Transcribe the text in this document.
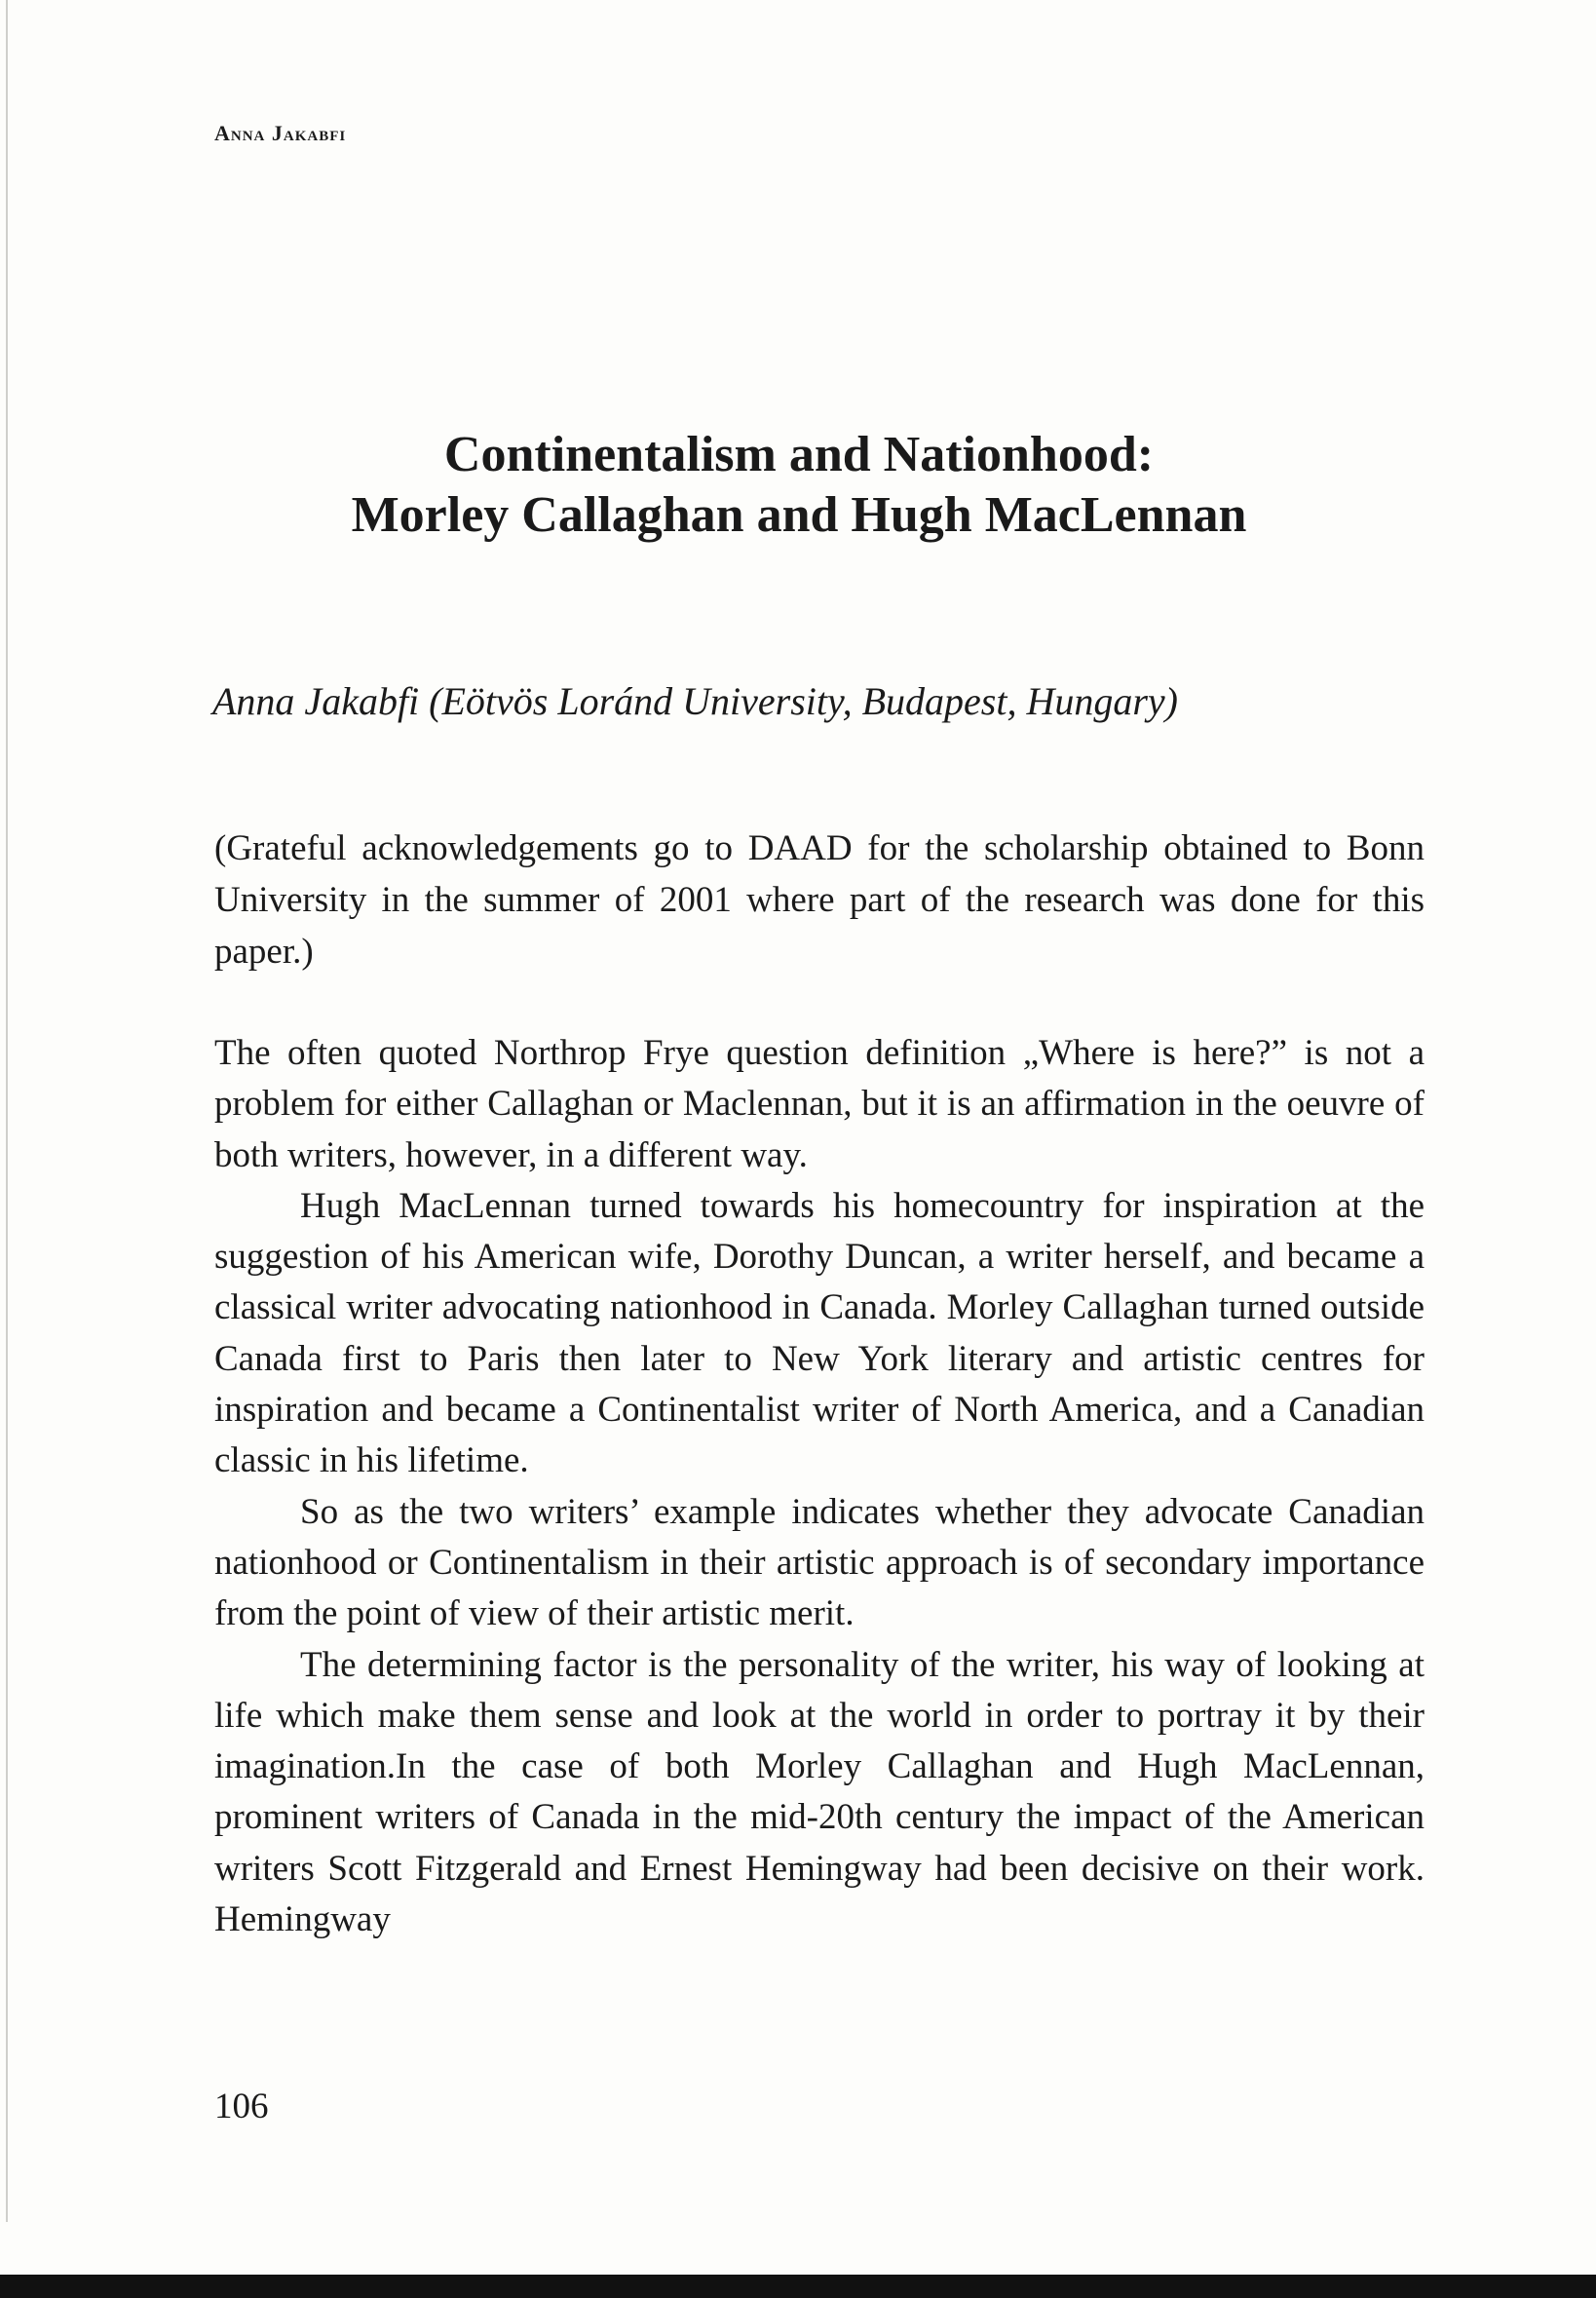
Anna Jakabfi
Continentalism and Nationhood:
Morley Callaghan and Hugh MacLennan
Anna Jakabfi (Eötvös Loránd University, Budapest, Hungary)
(Grateful acknowledgements go to DAAD for the scholarship obtained to Bonn University in the summer of 2001 where part of the research was done for this paper.)

The often quoted Northrop Frye question definition „Where is here?” is not a problem for either Callaghan or Maclennan, but it is an affirmation in the oeuvre of both writers, however, in a different way.

Hugh MacLennan turned towards his homecountry for inspiration at the suggestion of his American wife, Dorothy Duncan, a writer herself, and became a classical writer advocating nationhood in Canada. Morley Callaghan turned outside Canada first to Paris then later to New York literary and artistic centres for inspiration and became a Continentalist writer of North America, and a Canadian classic in his lifetime.

So as the two writers’ example indicates whether they advocate Canadian nationhood or Continentalism in their artistic approach is of secondary importance from the point of view of their artistic merit.

The determining factor is the personality of the writer, his way of looking at life which make them sense and look at the world in order to portray it by their imagination.In the case of both Morley Callaghan and Hugh MacLennan, prominent writers of Canada in the mid-20th century the impact of the American writers Scott Fitzgerald and Ernest Hemingway had been decisive on their work. Hemingway

106
